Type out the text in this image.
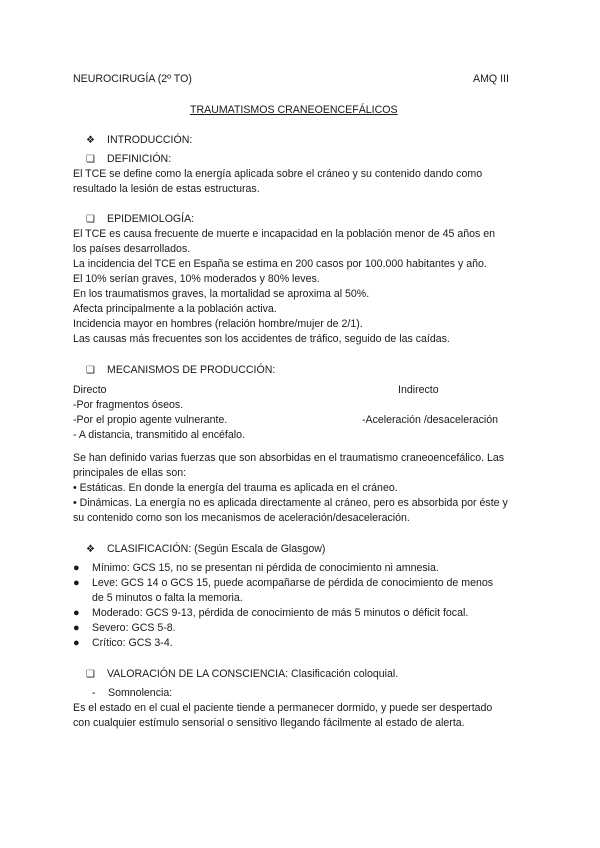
NEUROCIRUGÍA (2º TO)	AMQ III
TRAUMATISMOS CRANEOENCEFÁLICOS
❖ INTRODUCCIÓN:
❑ DEFINICIÓN:
El TCE se define como la energía aplicada sobre el cráneo y su contenido dando como
resultado la lesión de estas estructuras.
❑ EPIDEMIOLOGÍA:
El TCE es causa frecuente de muerte e incapacidad en la población menor de 45 años en
los países desarrollados.
La incidencia del TCE en España se estima en 200 casos por 100.000 habitantes y año.
El 10% serían graves, 10% moderados y 80% leves.
En los traumatismos graves, la mortalidad se aproxima al 50%.
Afecta principalmente a la población activa.
Incidencia mayor en hombres (relación hombre/mujer de 2/1).
Las causas más frecuentes son los accidentes de tráfico, seguido de las caídas.
❑ MECANISMOS DE PRODUCCIÓN:
Directo	Indirecto
-Por fragmentos óseos.
-Por el propio agente vulnerante.	-Aceleración /desaceleración
- A distancia, transmitido al encéfalo.
Se han definido varias fuerzas que son absorbidas en el traumatismo craneoencefálico. Las
principales de ellas son:
• Estáticas. En donde la energía del trauma es aplicada en el cráneo.
• Dinámicas. La energía no es aplicada directamente al cráneo, pero es absorbida por éste y
su contenido como son los mecanismos de aceleración/desaceleración.
❖ CLASIFICACIÓN: (Según Escala de Glasgow)
● Mínimo: GCS 15, no se presentan ni pérdida de conocimiento ni amnesia.
● Leve: GCS 14 o GCS 15, puede acompañarse de pérdida de conocimiento de menos
de 5 minutos o falta la memoria.
● Moderado: GCS 9-13, pérdida de conocimiento de más 5 minutos o déficit focal.
● Severo: GCS 5-8.
● Crítico: GCS 3-4.
❑ VALORACIÓN DE LA CONSCIENCIA: Clasificación coloquial.
- Somnolencia:
Es el estado en el cual el paciente tiende a permanecer dormido, y puede ser despertado
con cualquier estímulo sensorial o sensitivo llegando fácilmente al estado de alerta.
